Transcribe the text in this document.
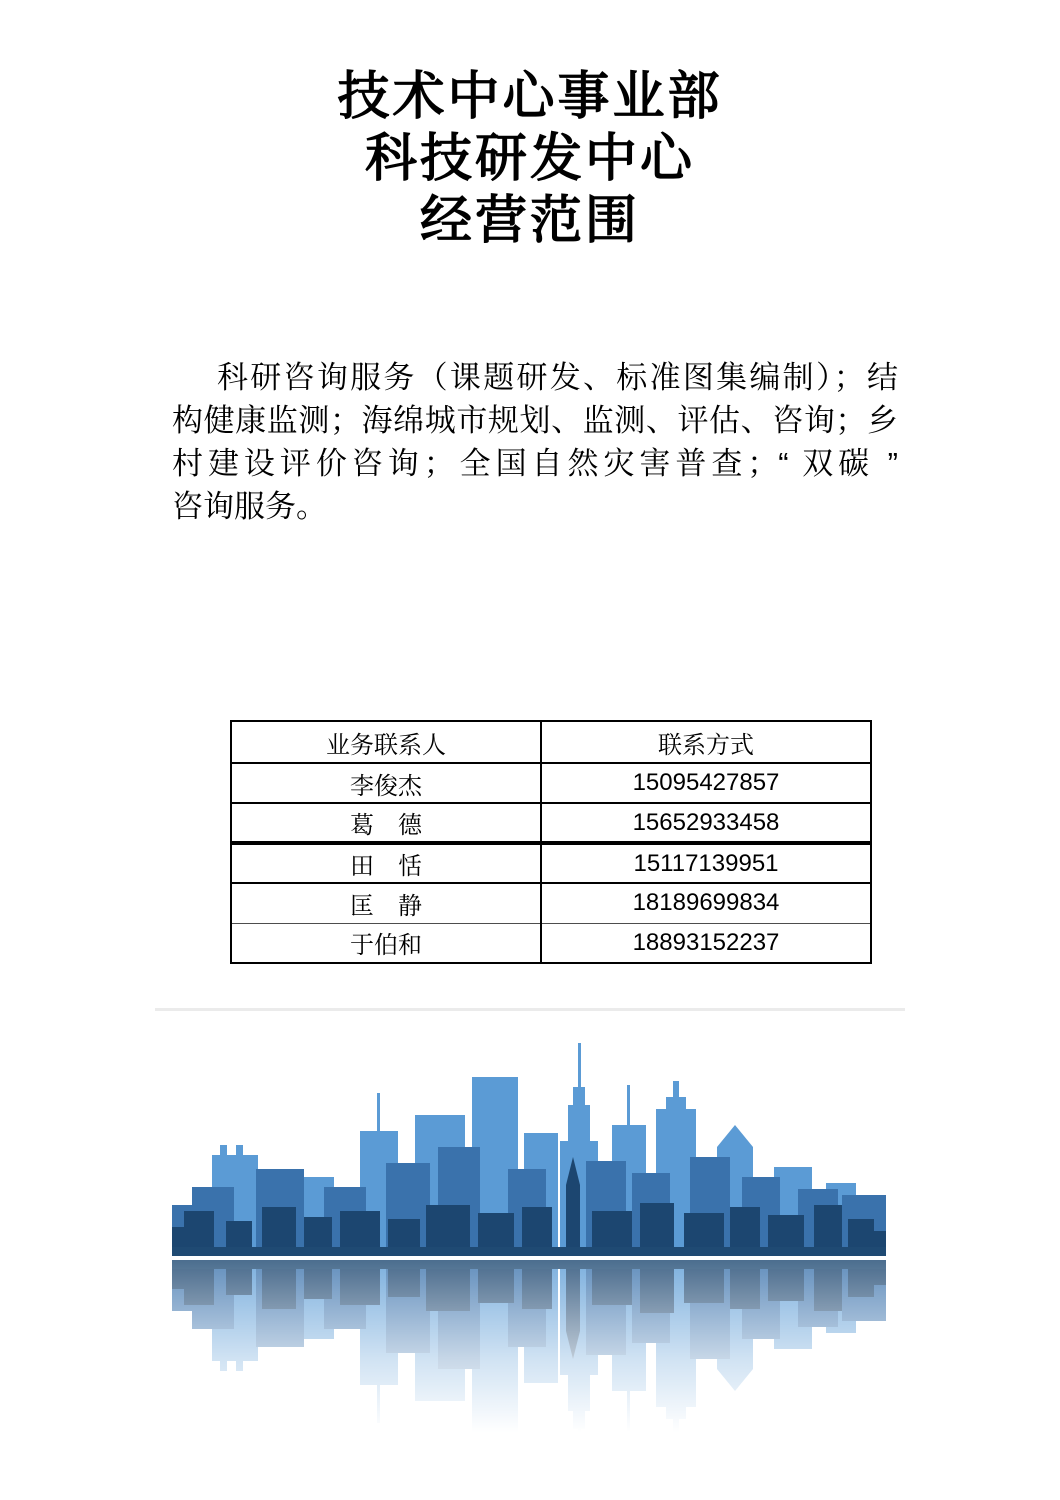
技术中心事业部
科技研发中心
经营范围
科研咨询服务（课题研发、标准图集编制）；结
构健康监测；海绵城市规划、监测、评估、咨询；乡
村建设评价咨询；全国自然灾害普查；“ 双碳 ”
咨询服务。
业务联系人	联系方式
李俊杰	15095427857
葛　德	15652933458
田　恬	15117139951
匡　静	18189699834
于伯和	18893152237
